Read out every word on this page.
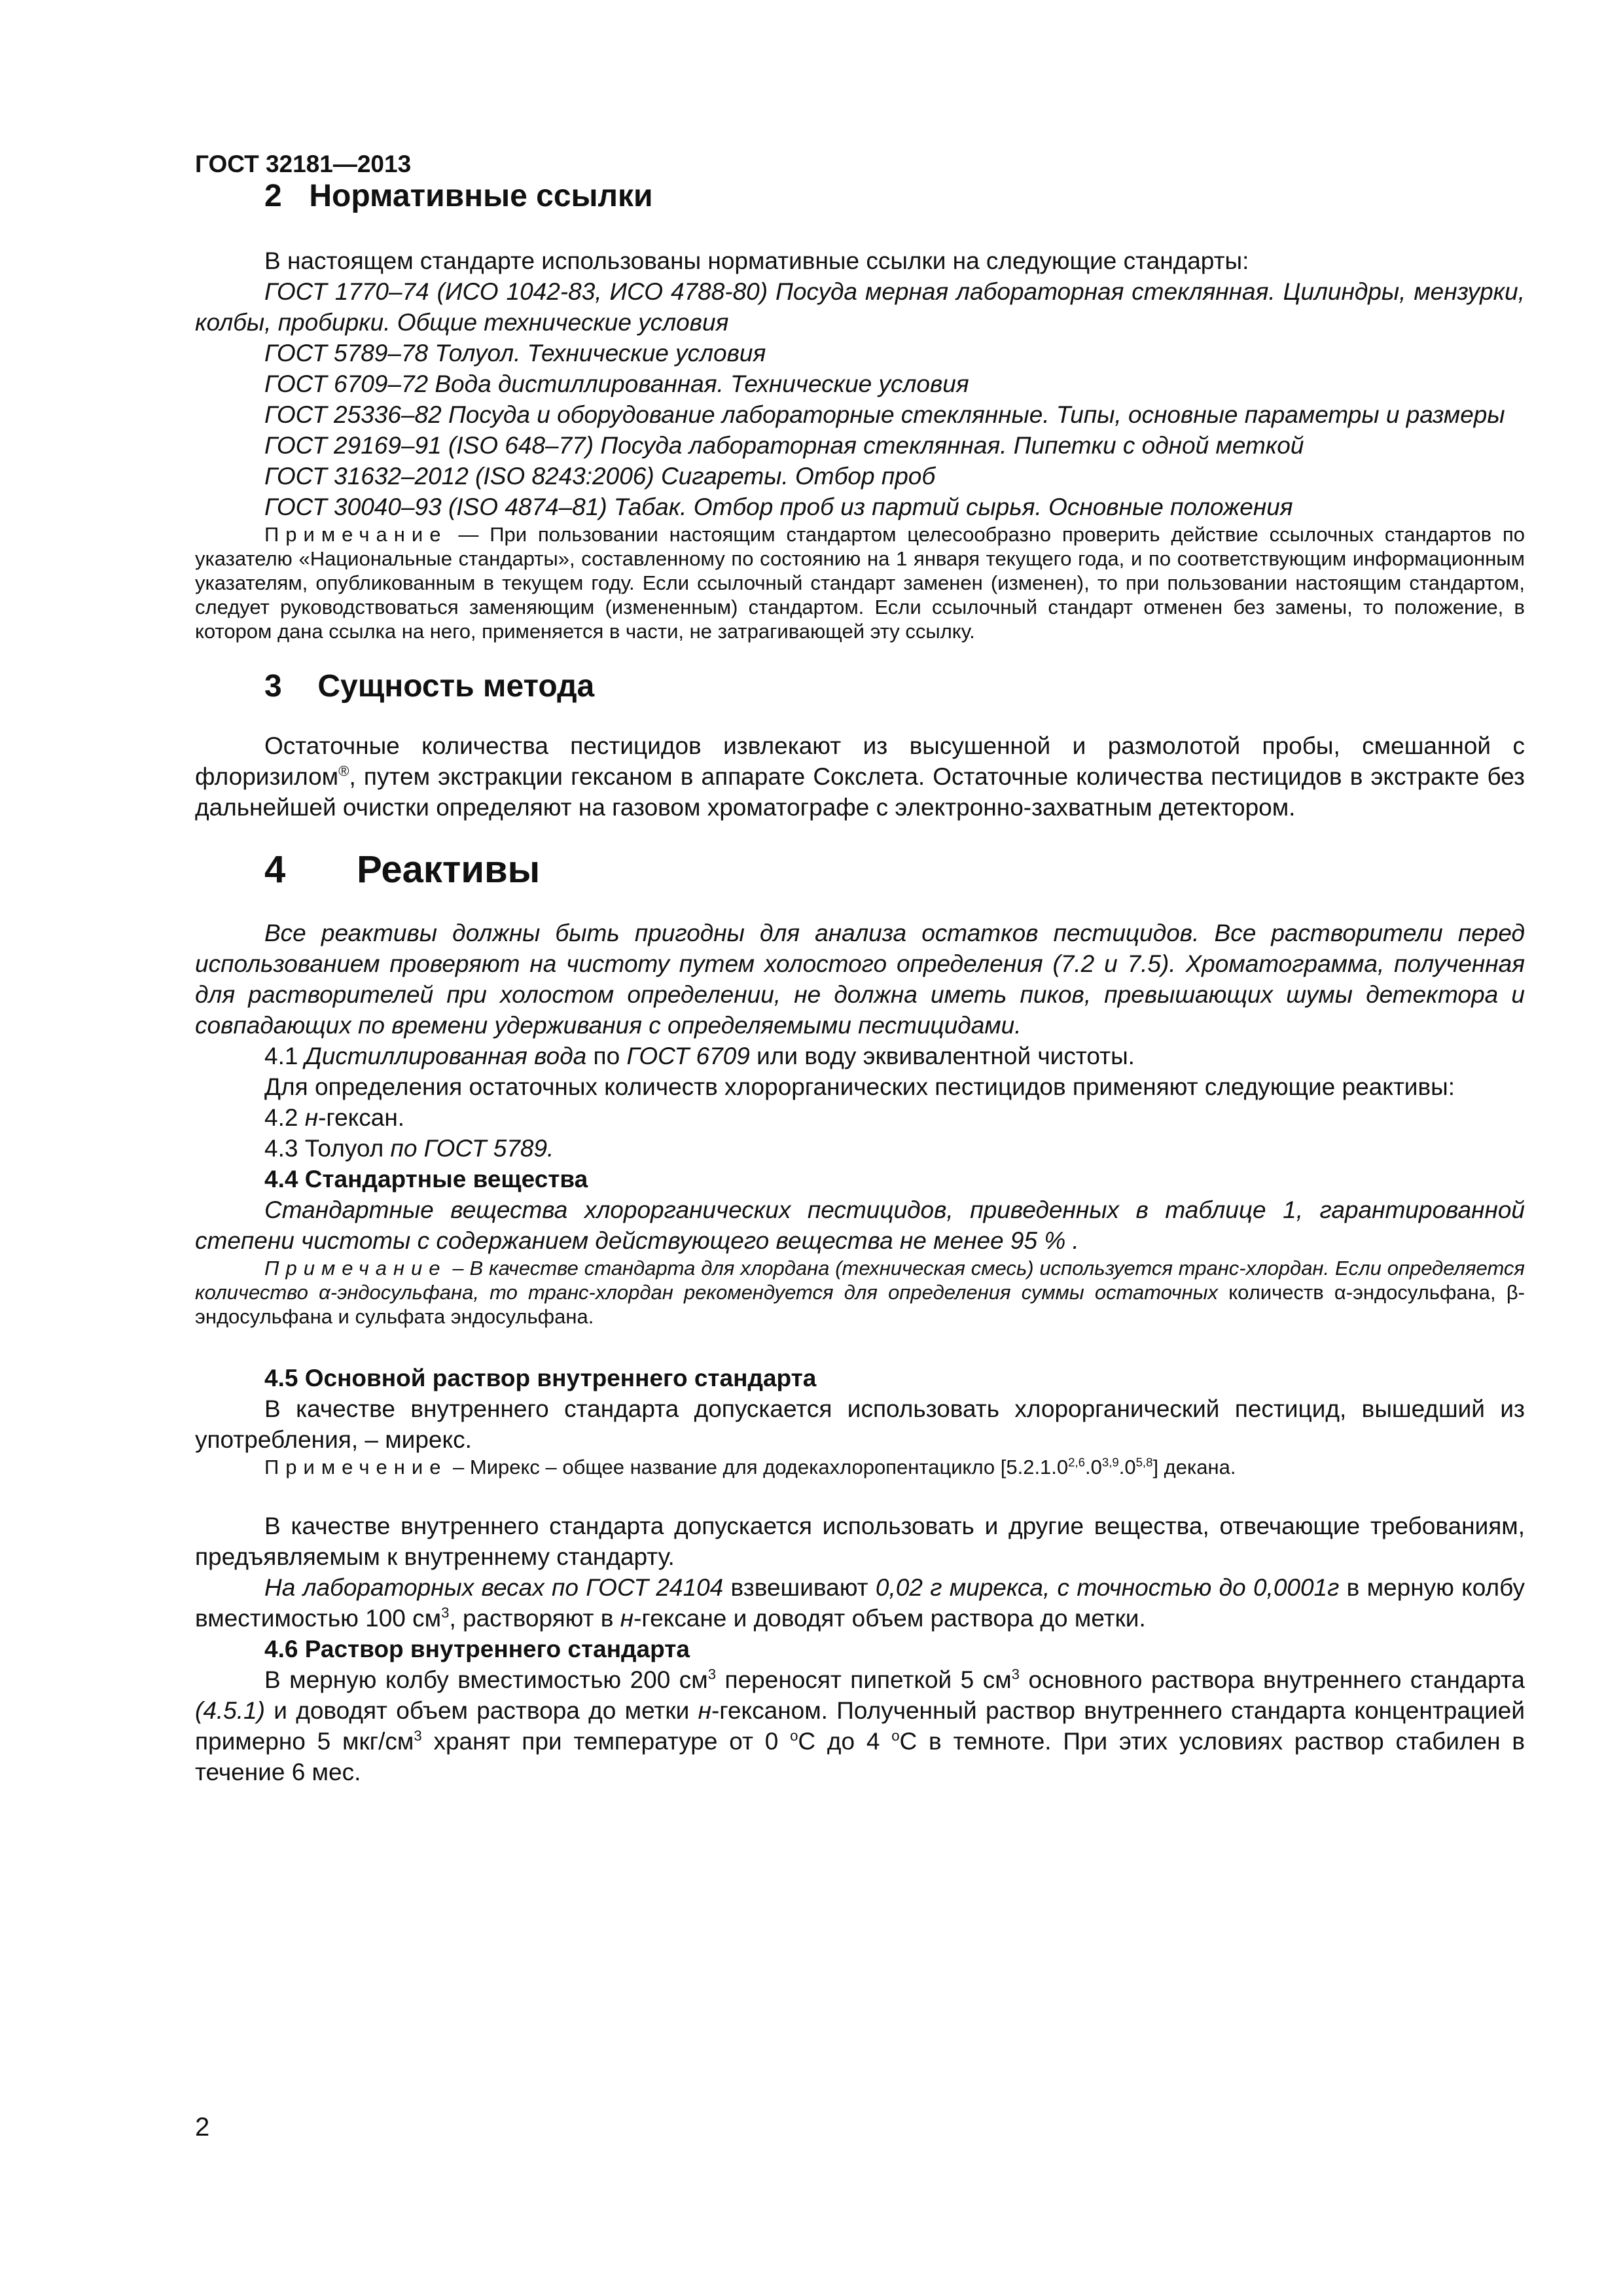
ГОСТ 32181—2013

2 Нормативные ссылки

В настоящем стандарте использованы нормативные ссылки на следующие стандарты:

ГОСТ 1770–74 (ИСО 1042-83, ИСО 4788-80) Посуда мерная лабораторная стеклянная. Цилиндры, мензурки, колбы, пробирки. Общие технические условия

ГОСТ 5789–78 Толуол. Технические условия

ГОСТ 6709–72 Вода дистиллированная. Технические условия

ГОСТ 25336–82 Посуда и оборудование лабораторные стеклянные. Типы, основные параметры и размеры

ГОСТ 29169–91 (ISO 648–77) Посуда лабораторная стеклянная. Пипетки с одной меткой

ГОСТ 31632–2012 (ISO 8243:2006) Сигареты. Отбор проб

ГОСТ 30040–93 (ISO 4874–81) Табак. Отбор проб из партий сырья. Основные положения

Примечание — При пользовании настоящим стандартом целесообразно проверить действие ссылочных стандартов по указателю «Национальные стандарты», составленному по состоянию на 1 января текущего года, и по соответствующим информационным указателям, опубликованным в текущем году. Если ссылочный стандарт заменен (изменен), то при пользовании настоящим стандартом, следует руководствоваться заменяющим (измененным) стандартом. Если ссылочный стандарт отменен без замены, то положение, в котором дана ссылка на него, применяется в части, не затрагивающей эту ссылку.

3 Сущность метода

Остаточные количества пестицидов извлекают из высушенной и размолотой пробы, смешанной с флоризилом®, путем экстракции гексаном в аппарате Сокслета. Остаточные количества пестицидов в экстракте без дальнейшей очистки определяют на газовом хроматографе с электронно-захватным детектором.

4 Реактивы

Все реактивы должны быть пригодны для анализа остатков пестицидов. Все растворители перед использованием проверяют на чистоту путем холостого определения (7.2 и 7.5). Хроматограмма, полученная для растворителей при холостом определении, не должна иметь пиков, превышающих шумы детектора и совпадающих по времени удерживания с определяемыми пестицидами.

4.1 Дистиллированная вода по ГОСТ 6709 или воду эквивалентной чистоты.

Для определения остаточных количеств хлорорганических пестицидов применяют следующие реактивы:

4.2 н-гексан.

4.3 Толуол по ГОСТ 5789.

4.4 Стандартные вещества

Стандартные вещества хлорорганических пестицидов, приведенных в таблице 1, гарантированной степени чистоты с содержанием действующего вещества не менее 95 % .

Примечание – В качестве стандарта для хлордана (техническая смесь) используется транс-хлордан. Если определяется количество α-эндосульфана, то транс-хлордан рекомендуется для определения суммы остаточных количеств α-эндосульфана, β-эндосульфана и сульфата эндосульфана.

4.5 Основной раствор внутреннего стандарта

В качестве внутреннего стандарта допускается использовать хлорорганический пестицид, вышедший из употребления, – мирекс.

Примечение – Мирекс – общее название для додекахлоропентацикло [5.2.1.0$^{2,6}$.0$^{3,9}$.0$^{5,8}$] декана.

В качестве внутреннего стандарта допускается использовать и другие вещества, отвечающие требованиям, предъявляемым к внутреннему стандарту.

На лабораторных весах по ГОСТ 24104 взвешивают 0,02 г мирекса, с точностью до 0,0001г в мерную колбу вместимостью 100 $см^3$, растворяют в н-гексане и доводят объем раствора до метки.

4.6 Раствор внутреннего стандарта

В мерную колбу вместимостью 200 $см^3$ переносят пипеткой 5 $см^3$ основного раствора внутреннего стандарта (4.5.1) и доводят объем раствора до метки н-гексаном. Полученный раствор внутреннего стандарта концентрацией примерно 5 мкг/$см^3$ хранят при температуре от 0 $^о$С до 4 $^о$С в темноте. При этих условиях раствор стабилен в течение 6 мес.

2
